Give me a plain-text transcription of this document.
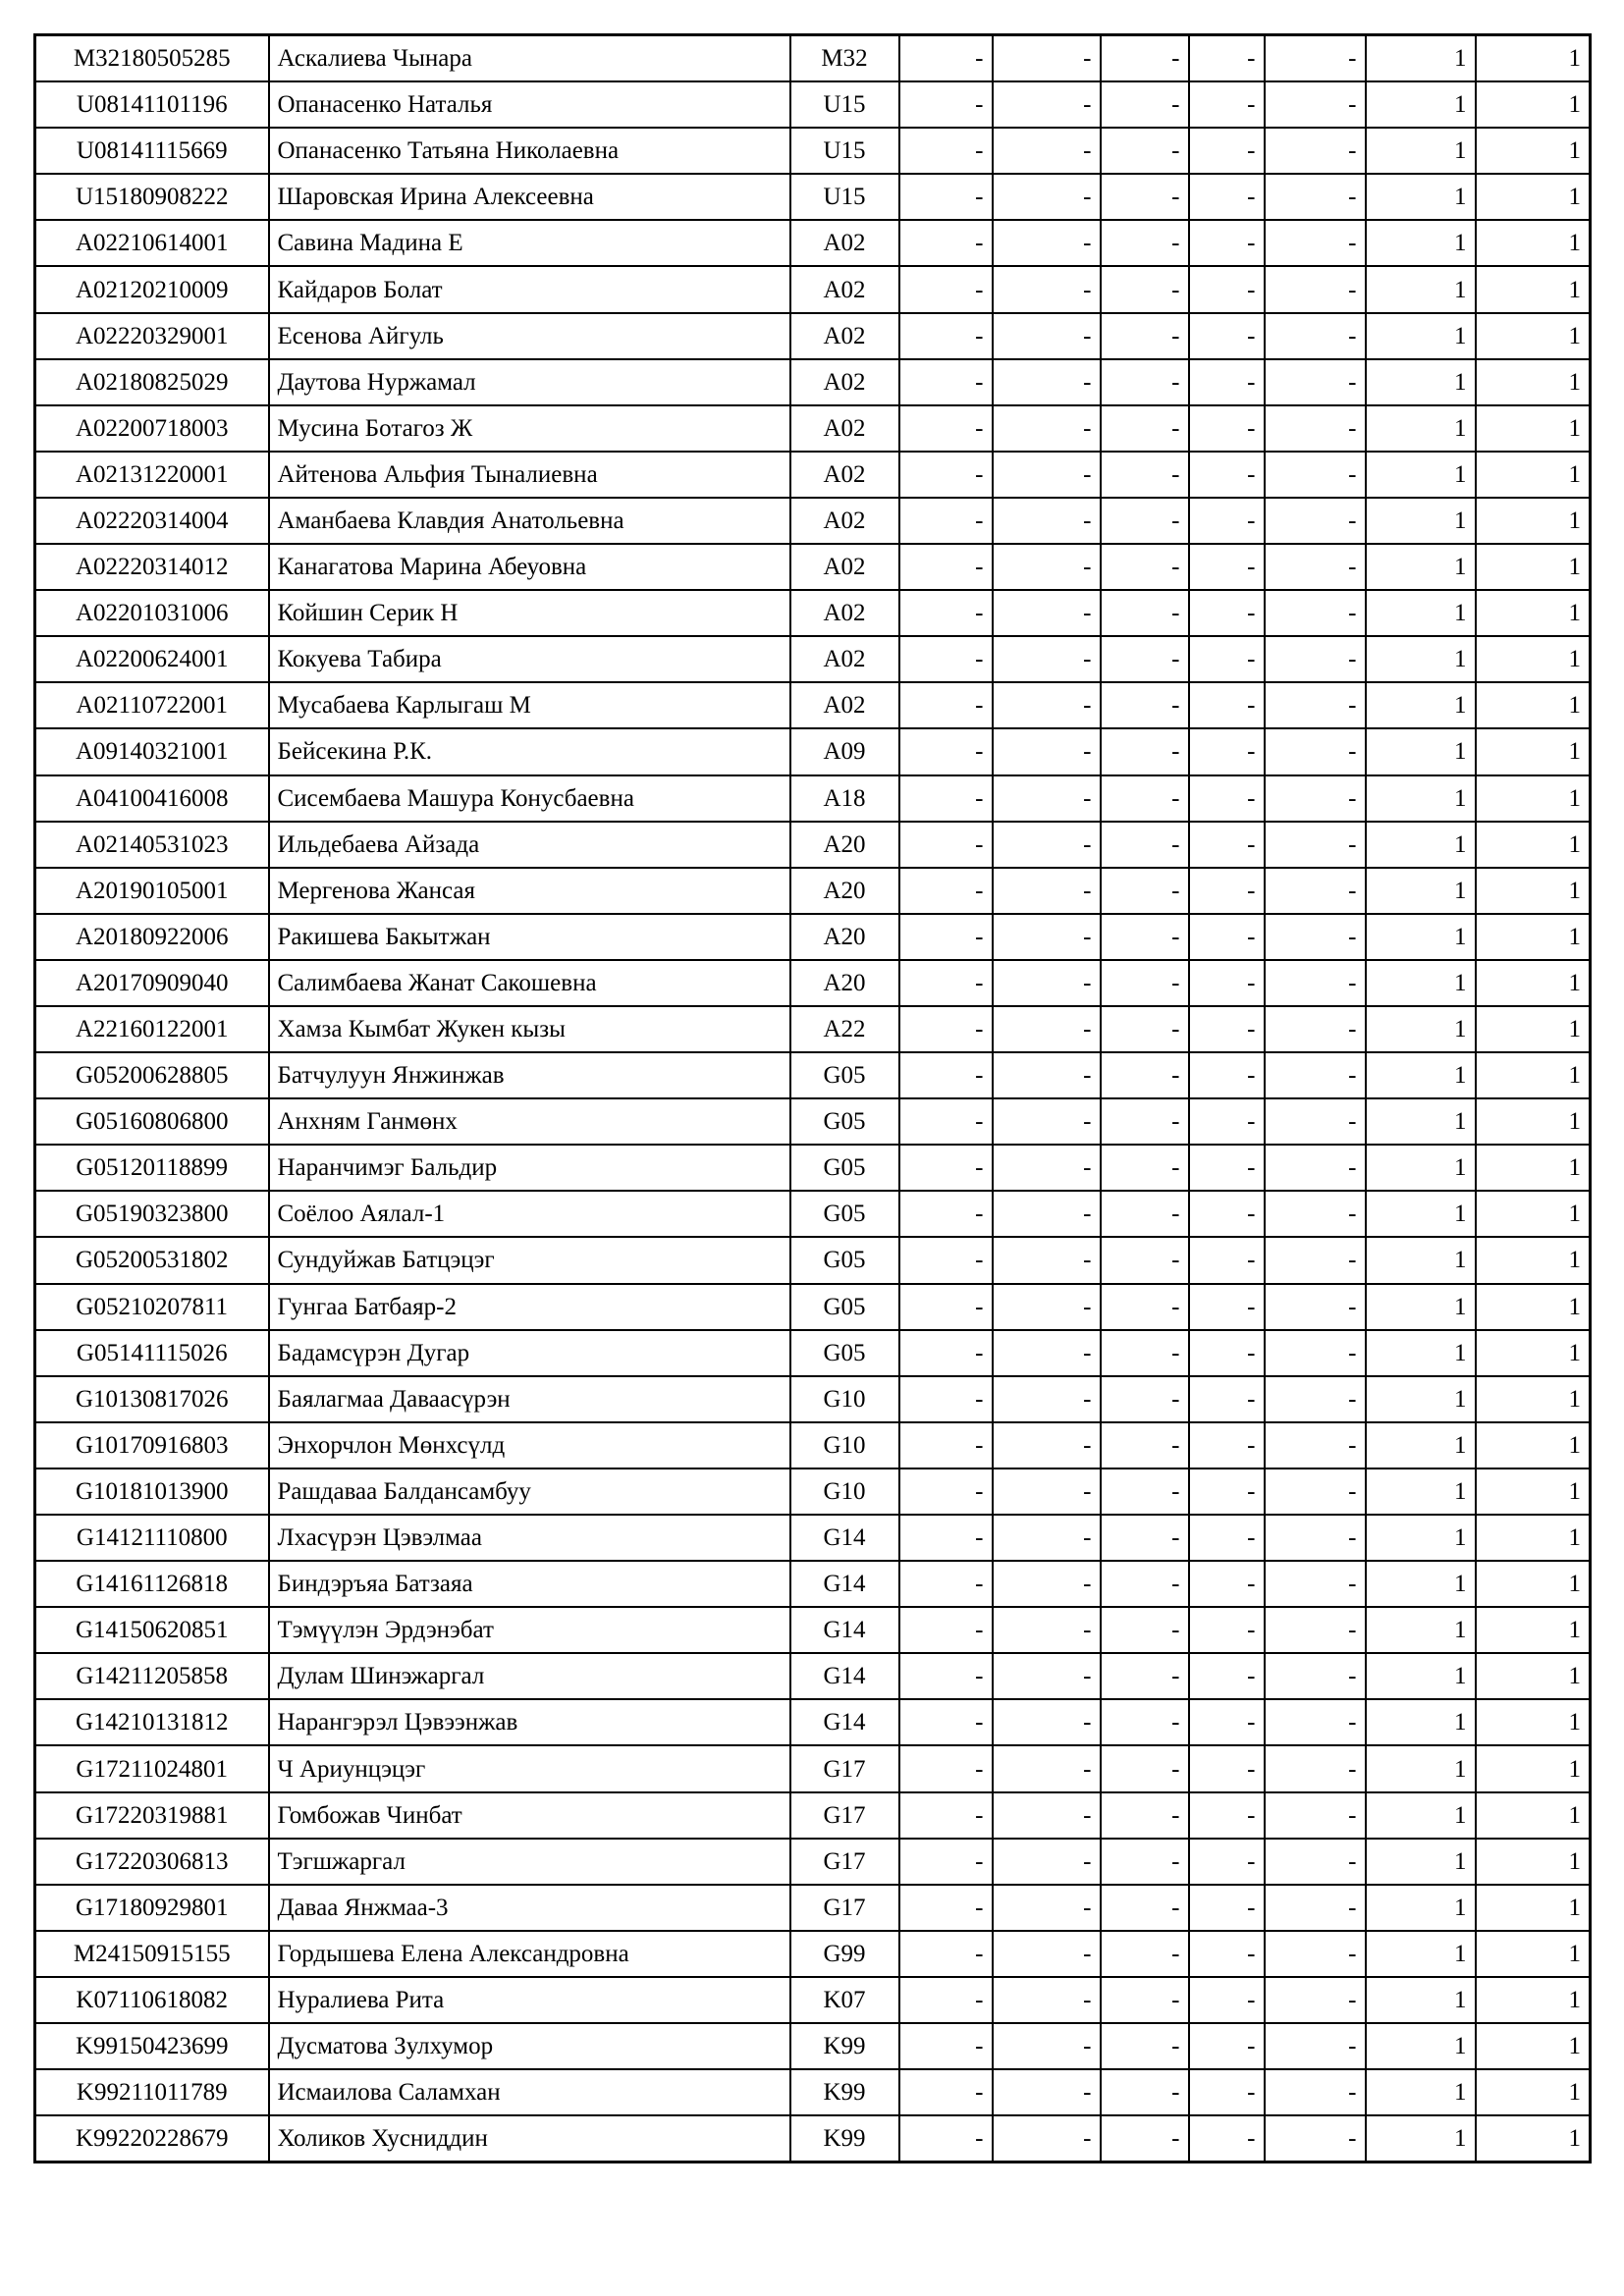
M32180505285	Аскалиева Чынара	M32	-	-	-	-	-	1	1
U08141101196	Опанасенко Наталья	U15	-	-	-	-	-	1	1
U08141115669	Опанасенко Татьяна Николаевна	U15	-	-	-	-	-	1	1
U15180908222	Шаровская Ирина Алексеевна	U15	-	-	-	-	-	1	1
A02210614001	Савина Мадина Е	A02	-	-	-	-	-	1	1
A02120210009	Кайдаров Болат	A02	-	-	-	-	-	1	1
A02220329001	Есенова Айгуль	A02	-	-	-	-	-	1	1
A02180825029	Даутова Нуржамал	A02	-	-	-	-	-	1	1
A02200718003	Мусина Ботагоз Ж	A02	-	-	-	-	-	1	1
A02131220001	Айтенова Альфия Тыналиевна	A02	-	-	-	-	-	1	1
A02220314004	Аманбаева Клавдия Анатольевна	A02	-	-	-	-	-	1	1
A02220314012	Канагатова Марина Абеуовна	A02	-	-	-	-	-	1	1
A02201031006	Койшин Серик Н	A02	-	-	-	-	-	1	1
A02200624001	Кокуева Табира	A02	-	-	-	-	-	1	1
A02110722001	Мусабаева Карлыгаш М	A02	-	-	-	-	-	1	1
A09140321001	Бейсекина Р.К.	A09	-	-	-	-	-	1	1
A04100416008	Сисембаева Машура Конусбаевна	A18	-	-	-	-	-	1	1
A02140531023	Ильдебаева Айзада	A20	-	-	-	-	-	1	1
A20190105001	Мергенова Жансая	A20	-	-	-	-	-	1	1
A20180922006	Ракишева Бакытжан	A20	-	-	-	-	-	1	1
A20170909040	Салимбаева Жанат Сакошевна	A20	-	-	-	-	-	1	1
A22160122001	Хамза Кымбат Жукен кызы	A22	-	-	-	-	-	1	1
G05200628805	Батчулуун Янжинжав	G05	-	-	-	-	-	1	1
G05160806800	Анхням Ганмөнх	G05	-	-	-	-	-	1	1
G05120118899	Наранчимэг Бальдир	G05	-	-	-	-	-	1	1
G05190323800	Соёлоо Аялал-1	G05	-	-	-	-	-	1	1
G05200531802	Сундуйжав Батцэцэг	G05	-	-	-	-	-	1	1
G05210207811	Гунгаа Батбаяр-2	G05	-	-	-	-	-	1	1
G05141115026	Бадамсүрэн Дугар	G05	-	-	-	-	-	1	1
G10130817026	Баялагмаа Даваасүрэн	G10	-	-	-	-	-	1	1
G10170916803	Энхорчлон Мөнхсүлд	G10	-	-	-	-	-	1	1
G10181013900	Рашдаваа Балдансамбуу	G10	-	-	-	-	-	1	1
G14121110800	Лхасүрэн Цэвэлмаа	G14	-	-	-	-	-	1	1
G14161126818	Биндэръяа Батзаяа	G14	-	-	-	-	-	1	1
G14150620851	Тэмүүлэн Эрдэнэбат	G14	-	-	-	-	-	1	1
G14211205858	Дулам Шинэжаргал	G14	-	-	-	-	-	1	1
G14210131812	Нарангэрэл Цэвээнжав	G14	-	-	-	-	-	1	1
G17211024801	Ч Ариунцэцэг	G17	-	-	-	-	-	1	1
G17220319881	Гомбожав Чинбат	G17	-	-	-	-	-	1	1
G17220306813	Тэгшжаргал	G17	-	-	-	-	-	1	1
G17180929801	Даваа Янжмаа-3	G17	-	-	-	-	-	1	1
M24150915155	Гордышева Елена Александровна	G99	-	-	-	-	-	1	1
K07110618082	Нуралиева Рита	K07	-	-	-	-	-	1	1
K99150423699	Дусматова Зулхумор	K99	-	-	-	-	-	1	1
K99211011789	Исмаилова Саламхан	K99	-	-	-	-	-	1	1
K99220228679	Холиков Хусниддин	K99	-	-	-	-	-	1	1
